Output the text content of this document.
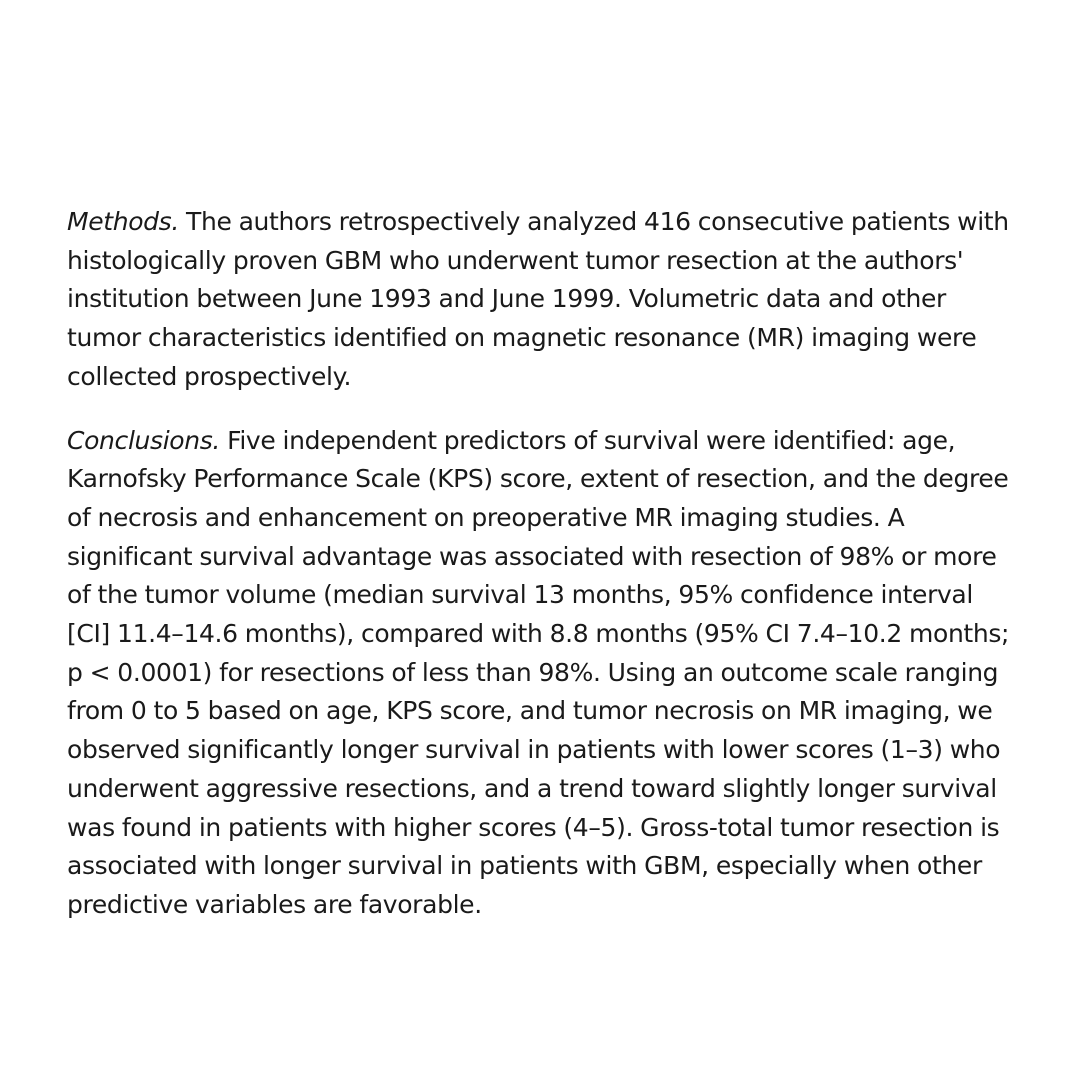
Methods. The authors retrospectively analyzed 416 consecutive patients with histologically proven GBM who underwent tumor resection at the authors' institution between June 1993 and June 1999. Volumetric data and other tumor characteristics identified on magnetic resonance (MR) imaging were collected prospectively.

Conclusions. Five independent predictors of survival were identified: age, Karnofsky Performance Scale (KPS) score, extent of resection, and the degree of necrosis and enhancement on preoperative MR imaging studies. A significant survival advantage was associated with resection of 98% or more of the tumor volume (median survival 13 months, 95% confidence interval [CI] 11.4–14.6 months), compared with 8.8 months (95% CI 7.4–10.2 months; p < 0.0001) for resections of less than 98%. Using an outcome scale ranging from 0 to 5 based on age, KPS score, and tumor necrosis on MR imaging, we observed significantly longer survival in patients with lower scores (1–3) who underwent aggressive resections, and a trend toward slightly longer survival was found in patients with higher scores (4–5). Gross-total tumor resection is associated with longer survival in patients with GBM, especially when other predictive variables are favorable.
